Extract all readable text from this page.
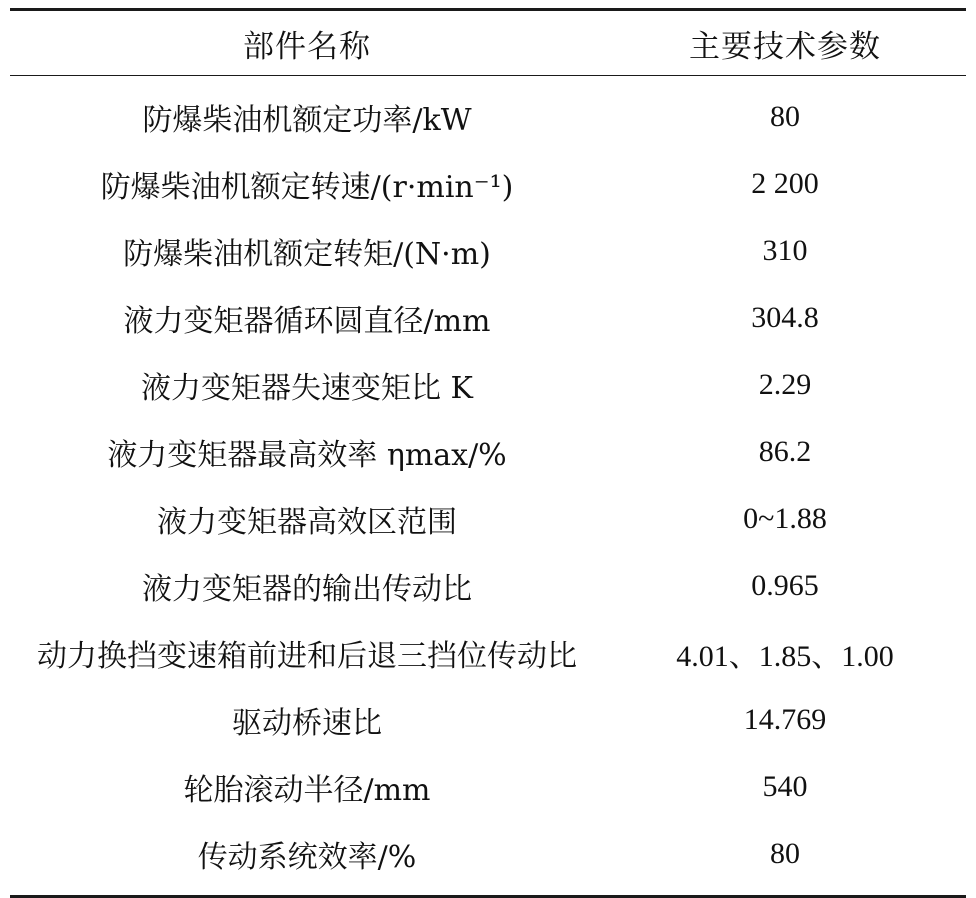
部件名称	主要技术参数
防爆柴油机额定功率/kW	80
防爆柴油机额定转速/(r·min⁻¹)	2 200
防爆柴油机额定转矩/(N·m)	310
液力变矩器循环圆直径/mm	304.8
液力变矩器失速变矩比 K	2.29
液力变矩器最高效率 ηmax/%	86.2
液力变矩器高效区范围	0~1.88
液力变矩器的输出传动比	0.965
动力换挡变速箱前进和后退三挡位传动比	4.01、1.85、1.00
驱动桥速比	14.769
轮胎滚动半径/mm	540
传动系统效率/%	80
